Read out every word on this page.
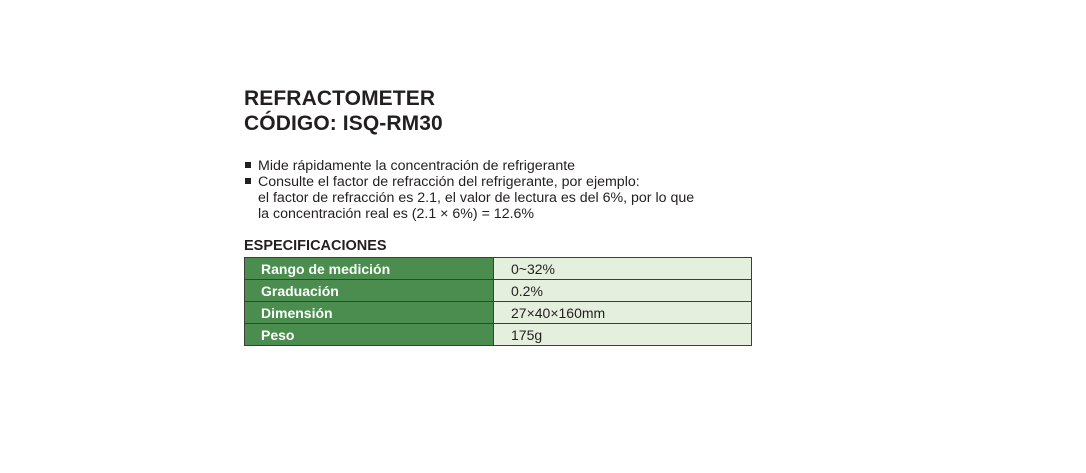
REFRACTOMETER
CÓDIGO: ISQ-RM30
Mide rápidamente la concentración de refrigerante
Consulte el factor de refracción del refrigerante, por ejemplo:
el factor de refracción es 2.1, el valor de lectura es del 6%, por lo que
la concentración real es (2.1 × 6%) = 12.6%
ESPECIFICACIONES
Rango de medición	0~32%
Graduación	0.2%
Dimensión	27×40×160mm
Peso	175g
